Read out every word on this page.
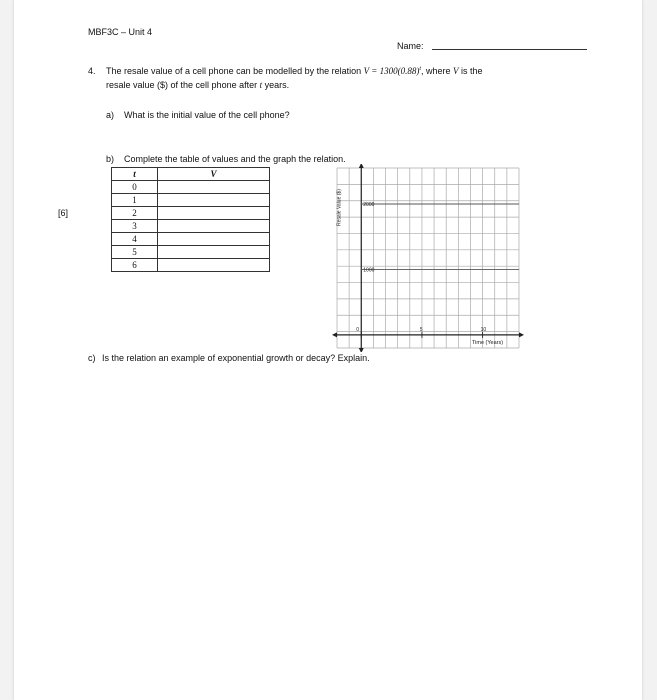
MBF3C – Unit 4
Name:
4. The resale value of a cell phone can be modelled by the relation $V = 1300(0.88)^t$, where V is the
resale value ($) of the cell phone after t years.
a) What is the initial value of the cell phone?
b) Complete the table of values and the graph the relation.
[6]
t	V
0	
1	
2	
3	
4	
5	
6	
2000
1000
0	5	10
Resale Value ($)
Time (Years)
c) Is the relation an example of exponential growth or decay? Explain.
